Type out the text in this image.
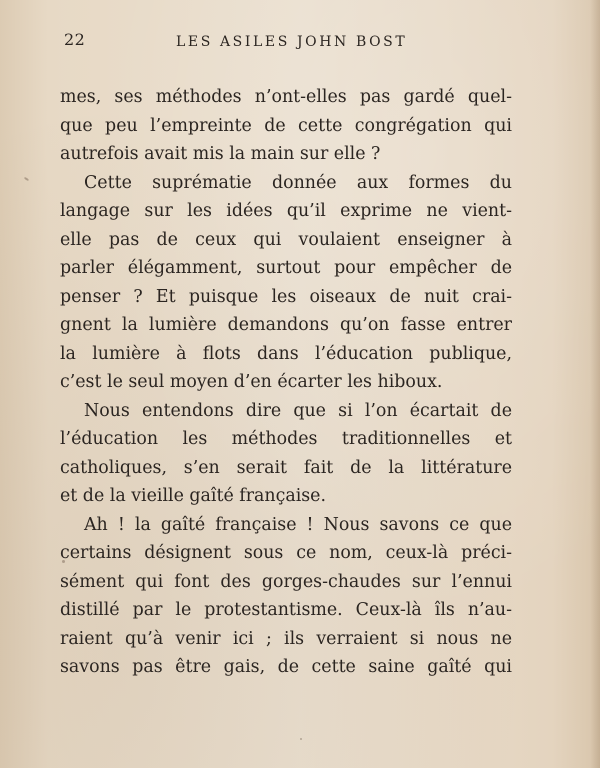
22	LES ASILES JOHN BOST
mes, ses méthodes n’ont-elles pas gardé quel-
que peu l’empreinte de cette congrégation qui
autrefois avait mis la main sur elle ?
Cette suprématie donnée aux formes du
langage sur les idées qu’il exprime ne vient-
elle pas de ceux qui voulaient enseigner à
parler élégamment, surtout pour empêcher de
penser ? Et puisque les oiseaux de nuit crai-
gnent la lumière demandons qu’on fasse entrer
la lumière à flots dans l’éducation publique,
c’est le seul moyen d’en écarter les hiboux.
Nous entendons dire que si l’on écartait de
l’éducation les méthodes traditionnelles et
catholiques, s’en serait fait de la littérature
et de la vieille gaîté française.
Ah ! la gaîté française ! Nous savons ce que
certains désignent sous ce nom, ceux-là préci-
sément qui font des gorges-chaudes sur l’ennui
distillé par le protestantisme. Ceux-là îls n’au-
raient qu’à venir ici ; ils verraient si nous ne
savons pas être gais, de cette saine gaîté qui
